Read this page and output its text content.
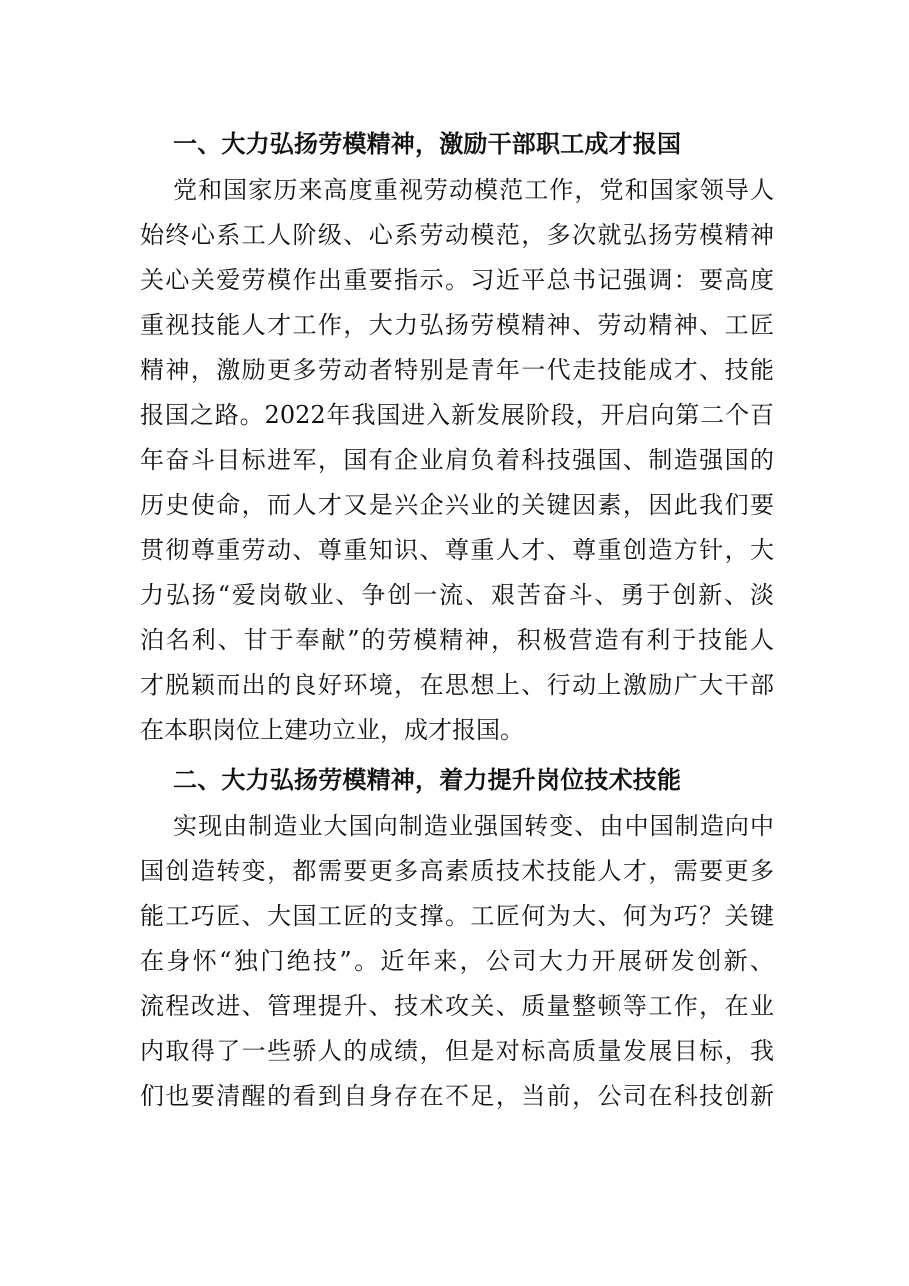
一、大力弘扬劳模精神，激励干部职工成才报国
党和国家历来高度重视劳动模范工作，党和国家领导人
始终心系工人阶级、心系劳动模范，多次就弘扬劳模精神
关心关爱劳模作出重要指示。习近平总书记强调：要高度
重视技能人才工作，大力弘扬劳模精神、劳动精神、工匠
精神，激励更多劳动者特别是青年一代走技能成才、技能
报国之路。2022年我国进入新发展阶段，开启向第二个百
年奋斗目标进军，国有企业肩负着科技强国、制造强国的
历史使命，而人才又是兴企兴业的关键因素，因此我们要
贯彻尊重劳动、尊重知识、尊重人才、尊重创造方针，大
力弘扬“爱岗敬业、争创一流、艰苦奋斗、勇于创新、淡
泊名利、甘于奉献”的劳模精神，积极营造有利于技能人
才脱颖而出的良好环境，在思想上、行动上激励广大干部
在本职岗位上建功立业，成才报国。
二、大力弘扬劳模精神，着力提升岗位技术技能
实现由制造业大国向制造业强国转变、由中国制造向中
国创造转变，都需要更多高素质技术技能人才，需要更多
能工巧匠、大国工匠的支撑。工匠何为大、何为巧？关键
在身怀“独门绝技”。近年来，公司大力开展研发创新、
流程改进、管理提升、技术攻关、质量整顿等工作，在业
内取得了一些骄人的成绩，但是对标高质量发展目标，我
们也要清醒的看到自身存在不足，当前，公司在科技创新
